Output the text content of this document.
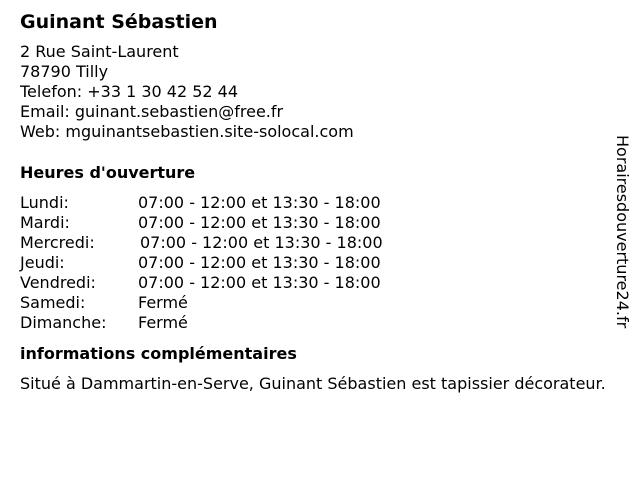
Guinant Sébastien
2 Rue Saint-Laurent
78790 Tilly
Telefon: +33 1 30 42 52 44
Email: guinant.sebastien@free.fr
Web: mguinantsebastien.site-solocal.com
Heures d'ouverture
Lundi:	07:00 - 12:00 et 13:30 - 18:00
Mardi:	07:00 - 12:00 et 13:30 - 18:00
Mercredi:	07:00 - 12:00 et 13:30 - 18:00
Jeudi:	07:00 - 12:00 et 13:30 - 18:00
Vendredi:	07:00 - 12:00 et 13:30 - 18:00
Samedi:	Fermé
Dimanche:	Fermé
informations complémentaires
Situé à Dammartin-en-Serve, Guinant Sébastien est tapissier décorateur.
Horairesdouverture24.fr
